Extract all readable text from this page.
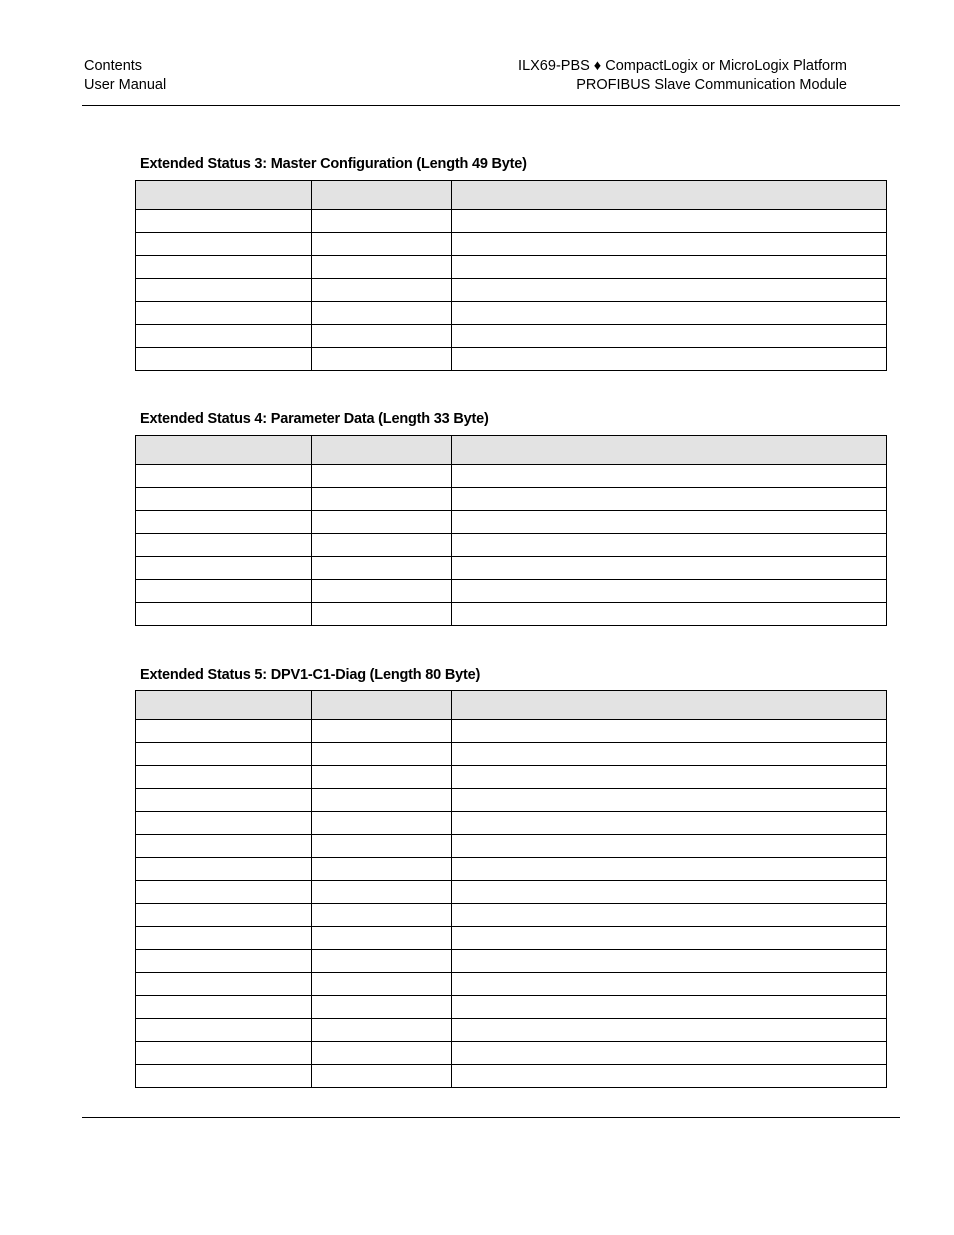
Contents
User Manual
ILX69-PBS ♦ CompactLogix or MicroLogix Platform
PROFIBUS Slave Communication Module
Extended Status 3: Master Configuration (Length 49 Byte)

Extended Status 4: Parameter Data (Length 33 Byte)

Extended Status 5: DPV1-C1-Diag (Length 80 Byte)
